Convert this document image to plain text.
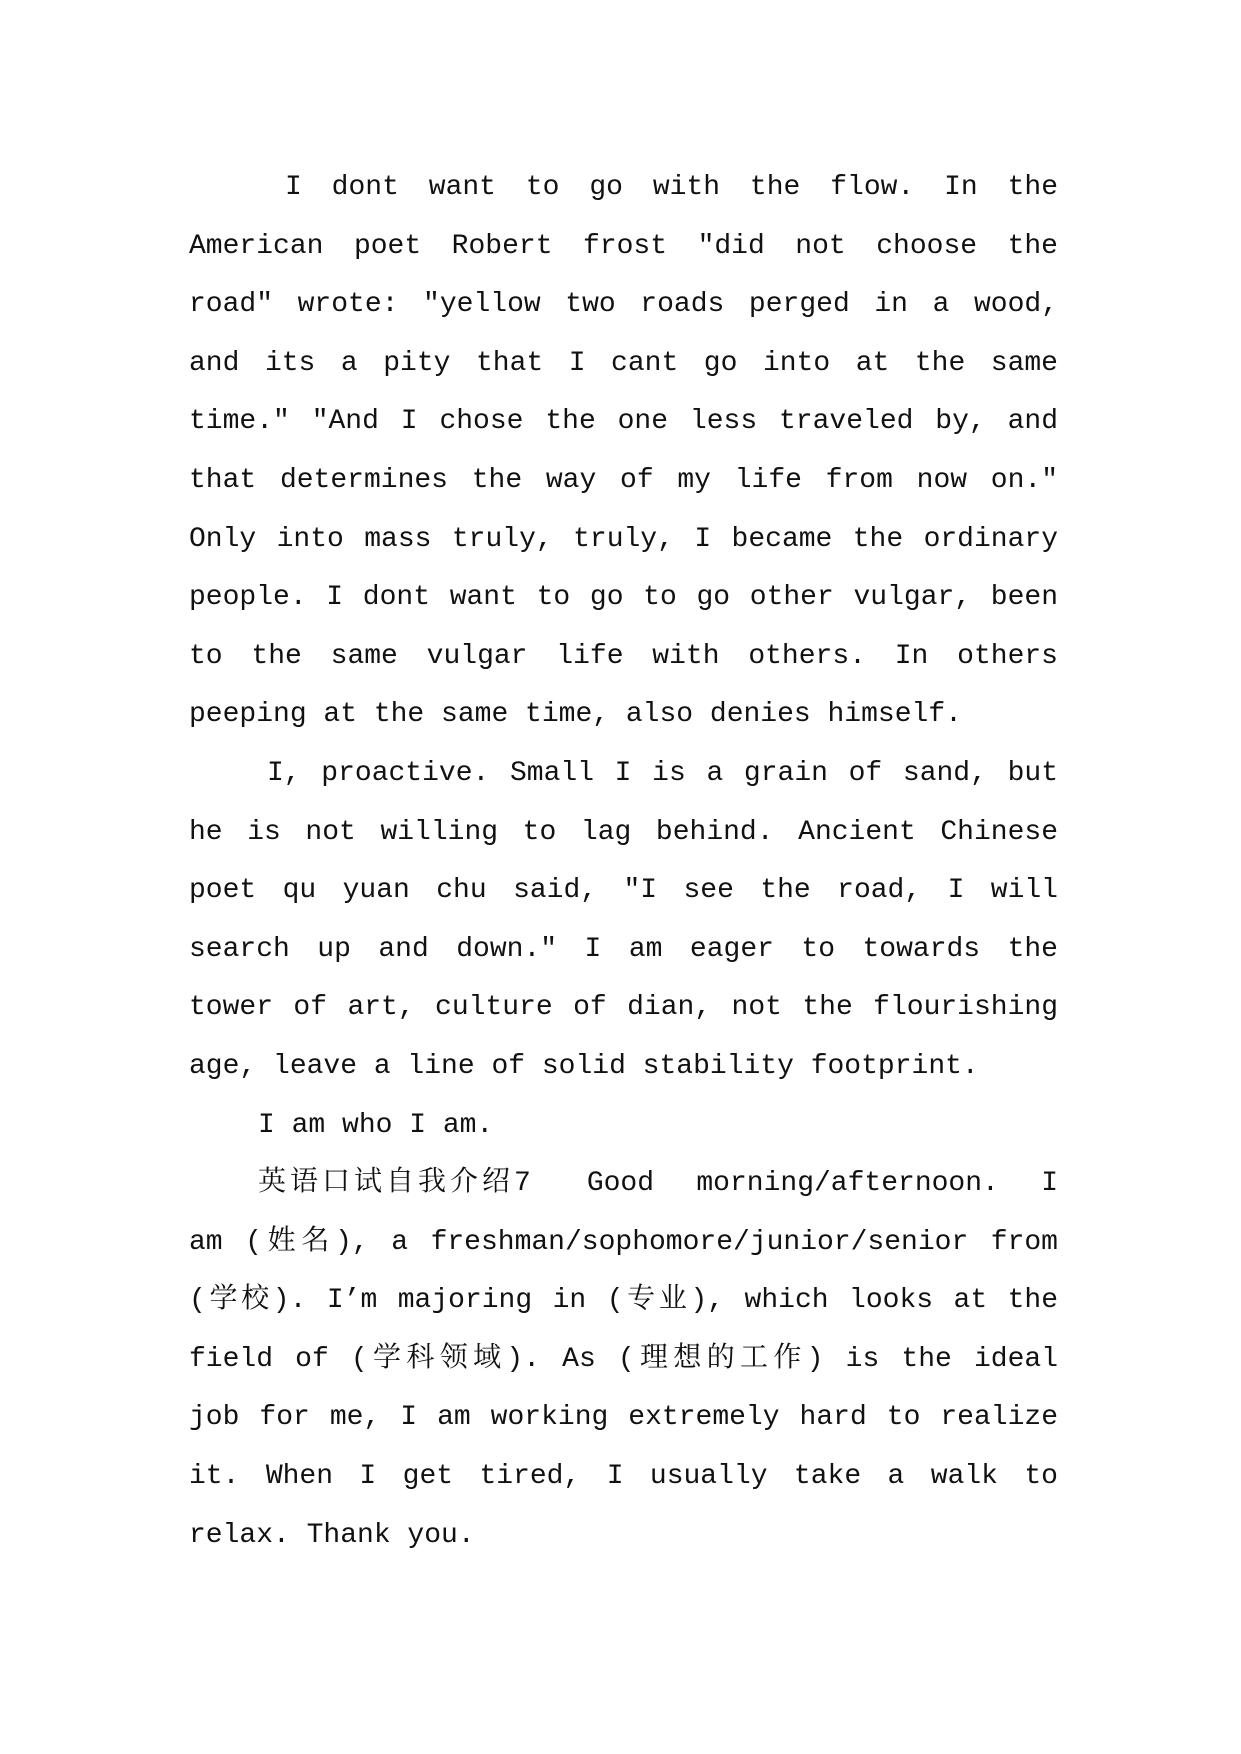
I dont want to go with the flow. In the
American poet Robert frost "did not choose the
road" wrote: "yellow two roads perged in a wood,
and its a pity that I cant go into at the same
time." "And I chose the one less traveled by, and
that determines the way of my life from now on."
Only into mass truly, truly, I became the ordinary
people. I dont want to go to go other vulgar, been
to the same vulgar life with others. In others
peeping at the same time, also denies himself.
I, proactive. Small I is a grain of sand, but
he is not willing to lag behind. Ancient Chinese
poet qu yuan chu said, "I see the road, I will
search up and down." I am eager to towards the
tower of art, culture of dian, not the flourishing
age, leave a line of solid stability footprint.
I am who I am.
英语口试自我介绍7 Good morning/afternoon. I
am (姓名), a freshman/sophomore/junior/senior from
(学校). I’m majoring in (专业), which looks at the
field of (学科领域). As (理想的工作) is the ideal
job for me, I am working extremely hard to realize
it. When I get tired, I usually take a walk to
relax. Thank you.
